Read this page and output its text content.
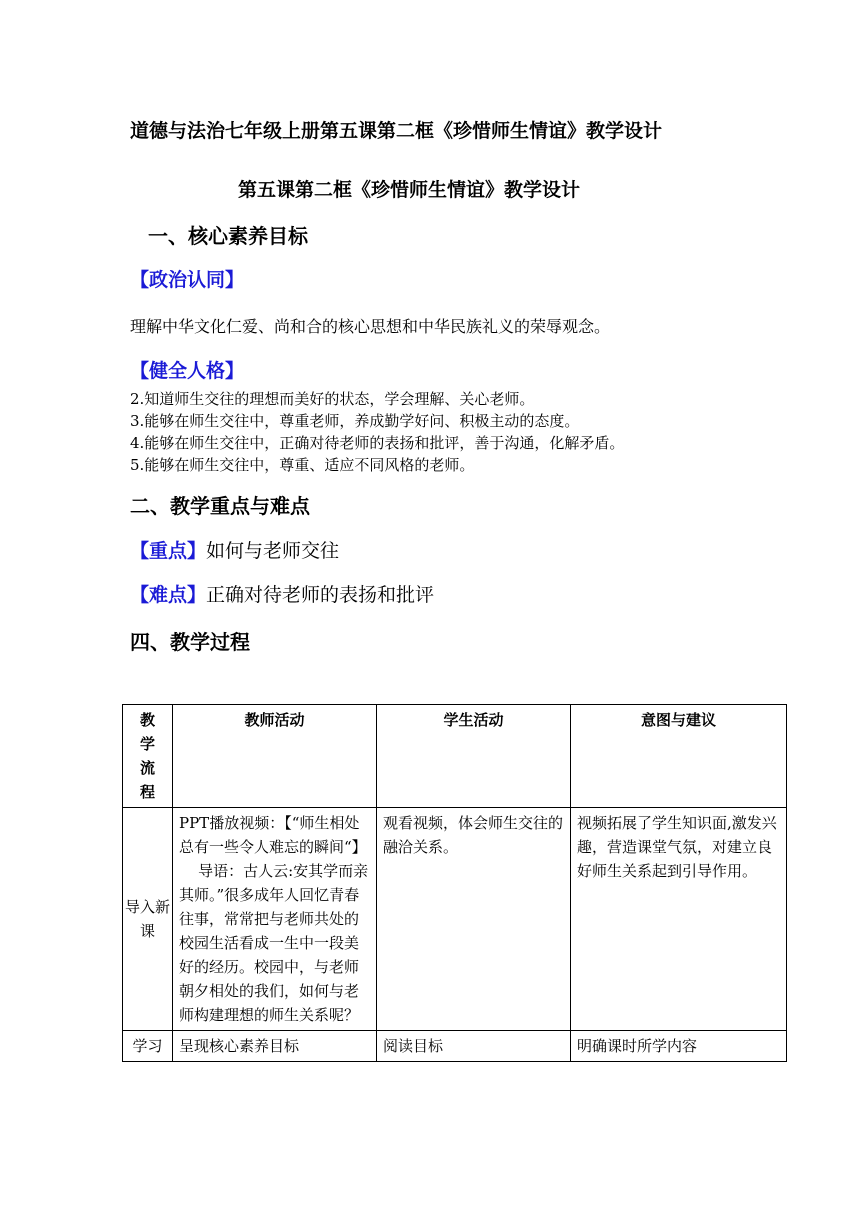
道德与法治七年级上册第五课第二框《珍惜师生情谊》教学设计
第五课第二框《珍惜师生情谊》教学设计
一、核心素养目标
【政治认同】
理解中华文化仁爱、尚和合的核心思想和中华民族礼义的荣辱观念。
【健全人格】
2.知道师生交往的理想而美好的状态，学会理解、关心老师。
3.能够在师生交往中，尊重老师，养成勤学好问、积极主动的态度。
4.能够在师生交往中，正确对待老师的表扬和批评，善于沟通，化解矛盾。
5.能够在师生交往中，尊重、适应不同风格的老师。
二、教学重点与难点
【重点】如何与老师交往
【难点】正确对待老师的表扬和批评
四、教学过程
教学流程	教师活动	学生活动	意图与建议
导入新课	PPT播放视频：【“师生相处总有一些令人难忘的瞬间“】
导语：古人云:安其学而亲其师。”很多成年人回忆青春往事，常常把与老师共处的校园生活看成一生中一段美好的经历。校园中，与老师朝夕相处的我们，如何与老师构建理想的师生关系呢？	观看视频，体会师生交往的融洽关系。	视频拓展了学生知识面,激发兴趣，营造课堂气氛，对建立良好师生关系起到引导作用。
学习	呈现核心素养目标	阅读目标	明确课时所学内容
